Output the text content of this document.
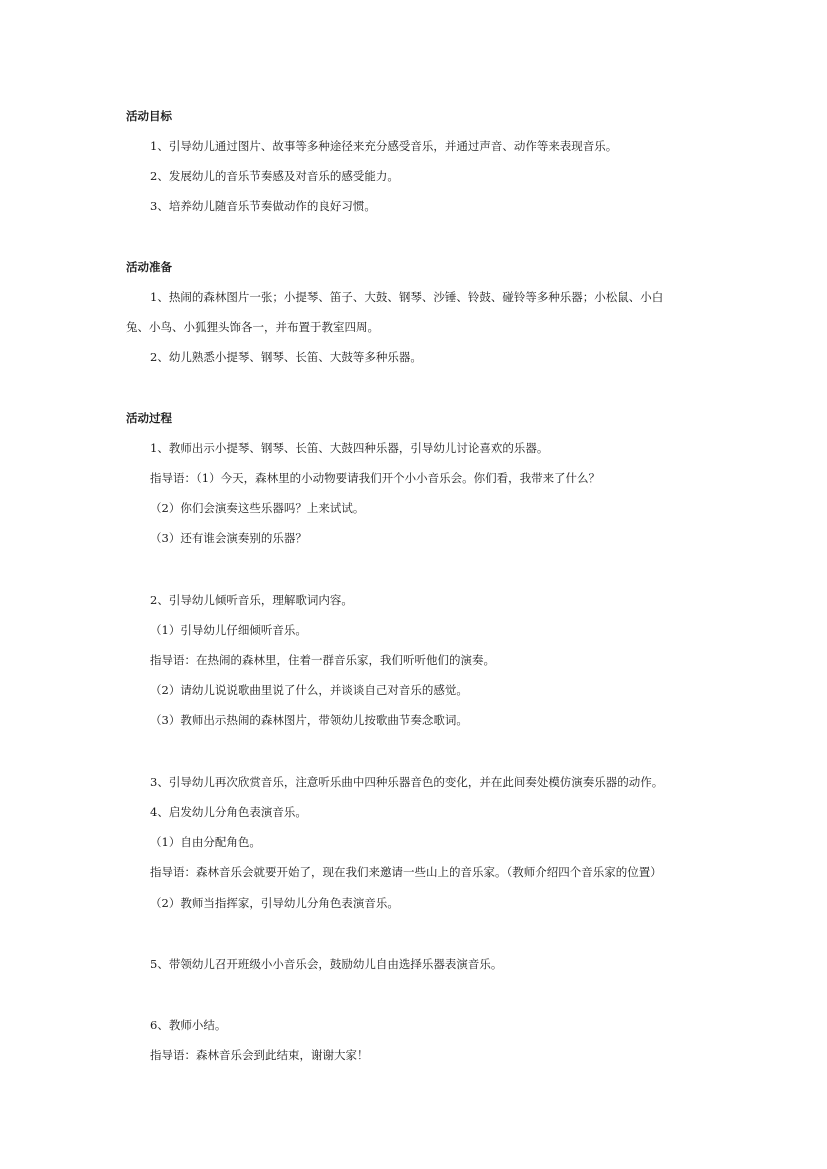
活动目标
1、引导幼儿通过图片、故事等多种途径来充分感受音乐，并通过声音、动作等来表现音乐。
2、发展幼儿的音乐节奏感及对音乐的感受能力。
3、培养幼儿随音乐节奏做动作的良好习惯。
活动准备
1、热闹的森林图片一张；小提琴、笛子、大鼓、钢琴、沙锤、铃鼓、碰铃等多种乐器；小松鼠、小白
兔、小鸟、小狐狸头饰各一，并布置于教室四周。
2、幼儿熟悉小提琴、钢琴、长笛、大鼓等多种乐器。
活动过程
1、教师出示小提琴、钢琴、长笛、大鼓四种乐器，引导幼儿讨论喜欢的乐器。
指导语：（1）今天，森林里的小动物要请我们开个小小音乐会。你们看，我带来了什么？
（2）你们会演奏这些乐器吗？上来试试。
（3）还有谁会演奏别的乐器？
2、引导幼儿倾听音乐，理解歌词内容。
（1）引导幼儿仔细倾听音乐。
指导语：在热闹的森林里，住着一群音乐家，我们听听他们的演奏。
（2）请幼儿说说歌曲里说了什么，并谈谈自己对音乐的感觉。
（3）教师出示热闹的森林图片，带领幼儿按歌曲节奏念歌词。
3、引导幼儿再次欣赏音乐，注意听乐曲中四种乐器音色的变化，并在此间奏处模仿演奏乐器的动作。
4、启发幼儿分角色表演音乐。
（1）自由分配角色。
指导语：森林音乐会就要开始了，现在我们来邀请一些山上的音乐家。（教师介绍四个音乐家的位置）
（2）教师当指挥家，引导幼儿分角色表演音乐。
5、带领幼儿召开班级小小音乐会，鼓励幼儿自由选择乐器表演音乐。
6、教师小结。
指导语：森林音乐会到此结束，谢谢大家！
